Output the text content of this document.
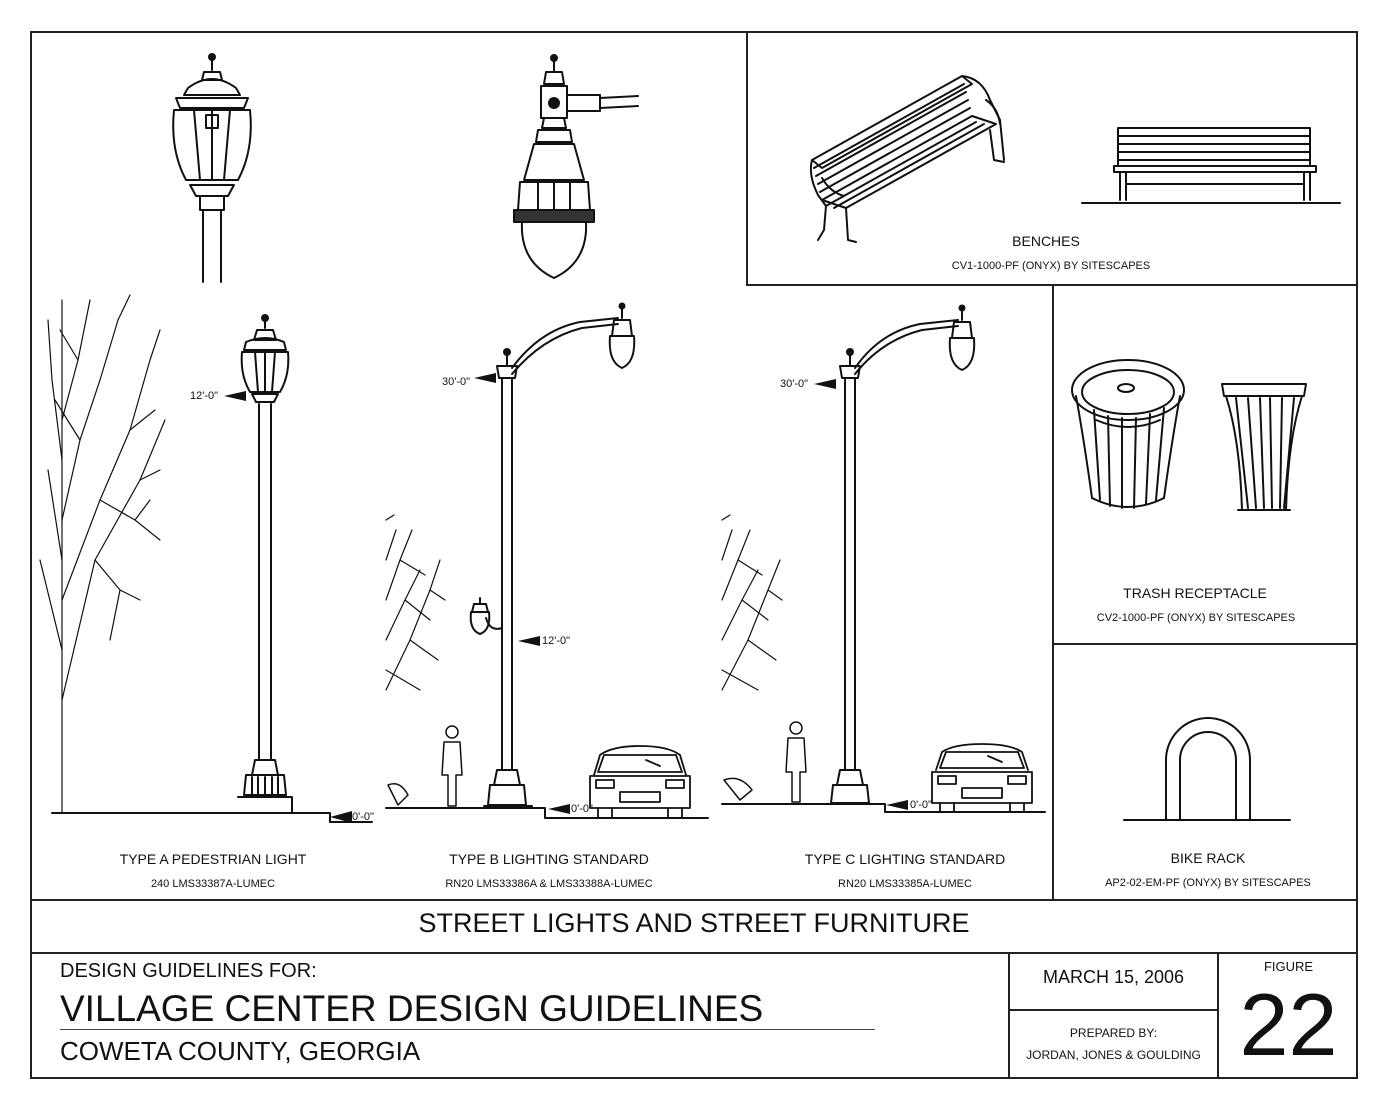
12'-0"
0'-0"
30'-0"
12'-0"
0'-0"
30'-0"
0'-0"
TYPE A PEDESTRIAN LIGHT
240 LMS33387A-LUMEC
TYPE B LIGHTING STANDARD
RN20 LMS33386A & LMS33388A-LUMEC
TYPE C LIGHTING STANDARD
RN20 LMS33385A-LUMEC
BENCHES
CV1-1000-PF (ONYX) BY SITESCAPES
TRASH RECEPTACLE
CV2-1000-PF (ONYX) BY SITESCAPES
BIKE RACK
AP2-02-EM-PF (ONYX) BY SITESCAPES
STREET LIGHTS AND STREET FURNITURE
DESIGN GUIDELINES FOR:
VILLAGE CENTER DESIGN GUIDELINES
COWETA COUNTY, GEORGIA
MARCH 15, 2006
PREPARED BY:
JORDAN, JONES & GOULDING
FIGURE
22
